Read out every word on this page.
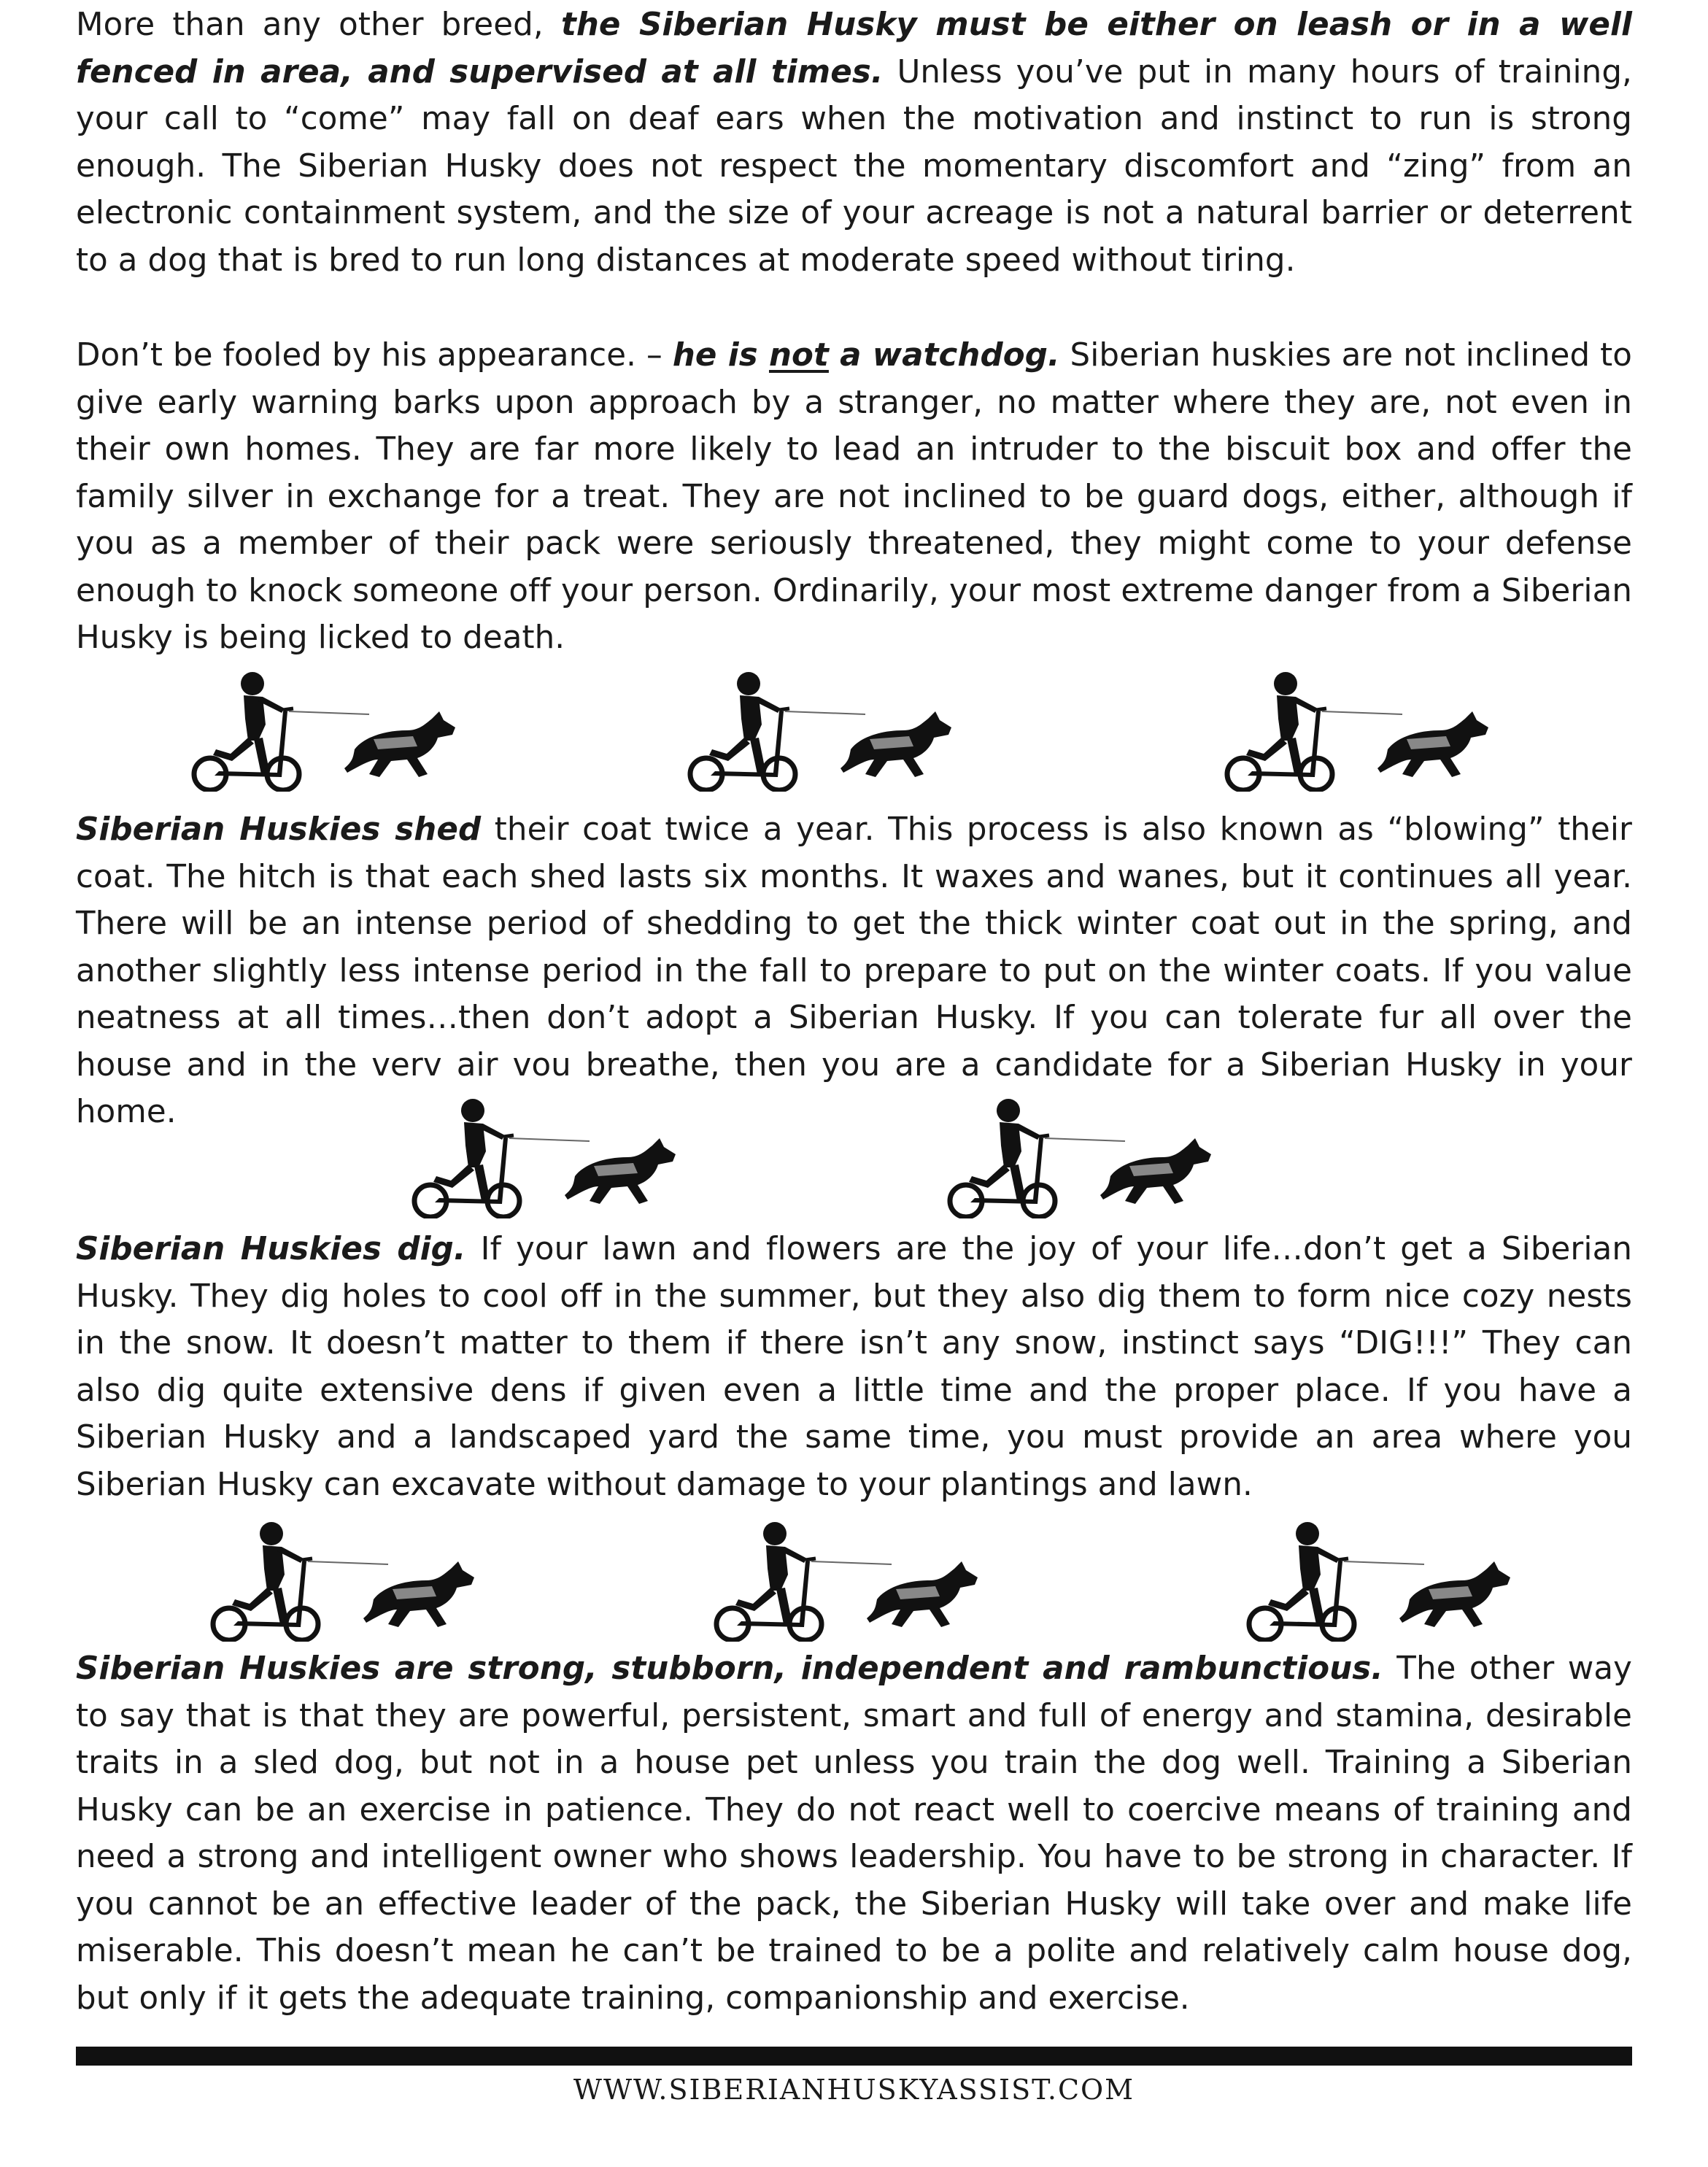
More than any other breed, the Siberian Husky must be either on leash or in a well fenced in area, and supervised at all times. Unless you’ve put in many hours of training, your call to “come” may fall on deaf ears when the motivation and instinct to run is strong enough. The Siberian Husky does not respect the momentary discomfort and “zing” from an electronic containment system, and the size of your acreage is not a natural barrier or deterrent to a dog that is bred to run long distances at moderate speed without tiring.

Don’t be fooled by his appearance. – he is not a watchdog. Siberian huskies are not inclined to give early warning barks upon approach by a stranger, no matter where they are, not even in their own homes. They are far more likely to lead an intruder to the biscuit box and offer the family silver in exchange for a treat. They are not inclined to be guard dogs, either, although if you as a member of their pack were seriously threatened, they might come to your defense enough to knock someone off your person. Ordinarily, your most extreme danger from a Siberian Husky is being licked to death.

Siberian Huskies shed their coat twice a year. This process is also known as “blowing” their coat. The hitch is that each shed lasts six months. It waxes and wanes, but it continues all year. There will be an intense period of shedding to get the thick winter coat out in the spring, and another slightly less intense period in the fall to prepare to put on the winter coats. If you value neatness at all times…then don’t adopt a Siberian Husky. If you can tolerate fur all over the house and in the verv air vou breathe, then you are a candidate for a Siberian Husky in your home.

Siberian Huskies dig. If your lawn and flowers are the joy of your life…don’t get a Siberian Husky. They dig holes to cool off in the summer, but they also dig them to form nice cozy nests in the snow. It doesn’t matter to them if there isn’t any snow, instinct says “DIG!!!” They can also dig quite extensive dens if given even a little time and the proper place. If you have a Siberian Husky and a landscaped yard the same time, you must provide an area where you Siberian Husky can excavate without damage to your plantings and lawn.

Siberian Huskies are strong, stubborn, independent and rambunctious. The other way to say that is that they are powerful, persistent, smart and full of energy and stamina, desirable traits in a sled dog, but not in a house pet unless you train the dog well. Training a Siberian Husky can be an exercise in patience. They do not react well to coercive means of training and need a strong and intelligent owner who shows leadership. You have to be strong in character. If you cannot be an effective leader of the pack, the Siberian Husky will take over and make life miserable. This doesn’t mean he can’t be trained to be a polite and relatively calm house dog, but only if it gets the adequate training, companionship and exercise.

WWW.SIBERIANHUSKYASSIST.COM
